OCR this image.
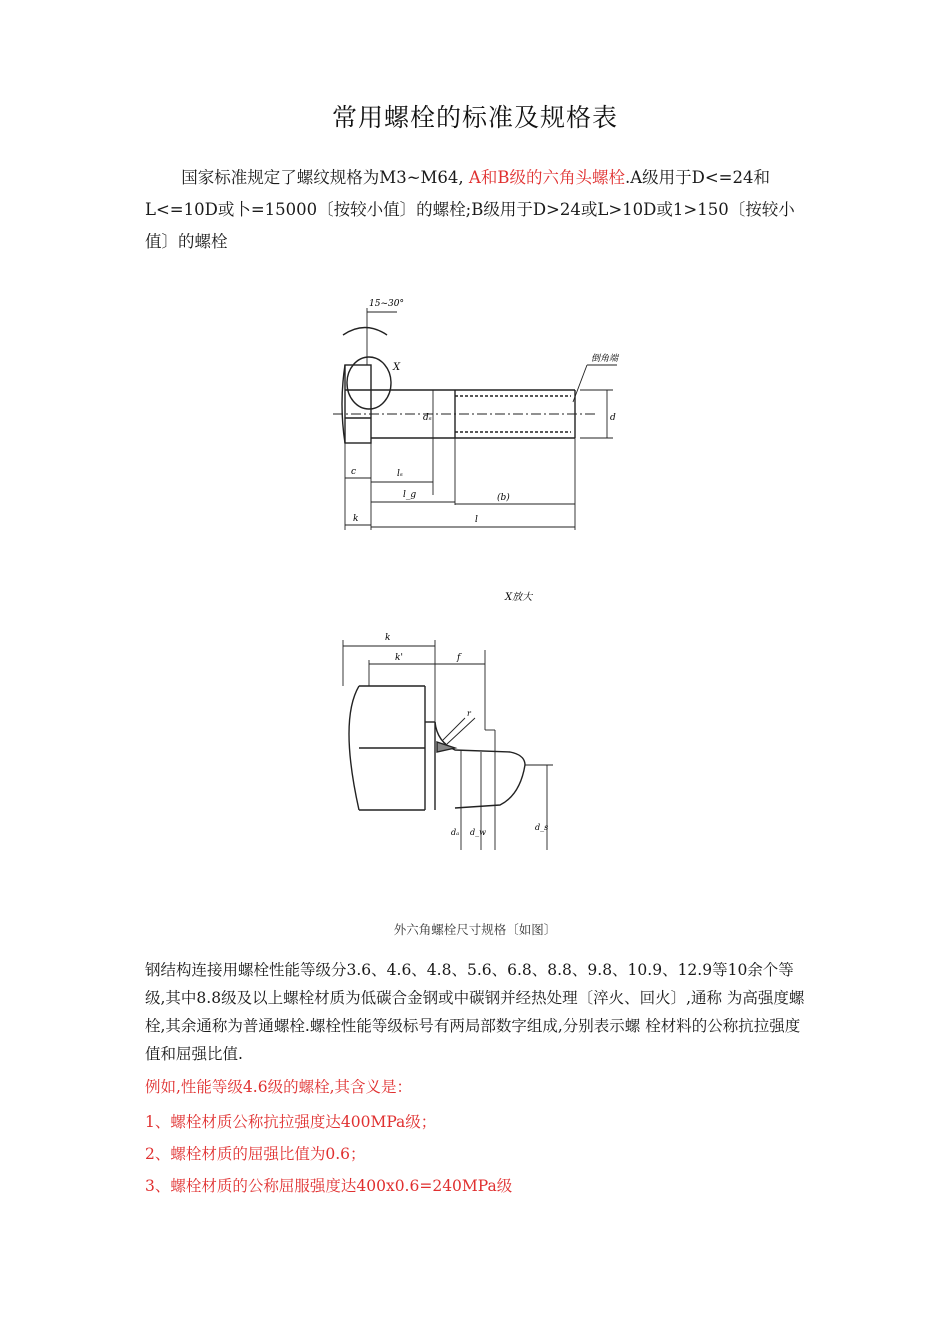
常用螺栓的标准及规格表
国家标准规定了螺纹规格为M3~M64, A和B级的六角头螺栓.A级用于D<=24和L<=10D或卜=15000〔按较小值〕的螺栓;B级用于D>24或L>10D或1>150〔按较小值〕的螺栓
15~30°
X
倒角端
dₛ	d
c	lₛ
l_g	(b)
k	l
X放大
k
k'	f
r
dₐ d_w
d_s
外六角螺栓尺寸规格〔如图〕
钢结构连接用螺栓性能等级分3.6、4.6、4.8、5.6、6.8、8.8、9.8、10.9、12.9等10余个等级,其中8.8级及以上螺栓材质为低碳合金钢或中碳钢并经热处理〔淬火、回火〕,通称 为高强度螺栓,其余通称为普通螺栓.螺栓性能等级标号有两局部数字组成,分别表示螺 栓材料的公称抗拉强度值和屈强比值.
例如,性能等级4.6级的螺栓,其含义是：
1、螺栓材质公称抗拉强度达400MPa级；
2、螺栓材质的屈强比值为0.6；
3、螺栓材质的公称屈服强度达400x0.6=240MPa级
